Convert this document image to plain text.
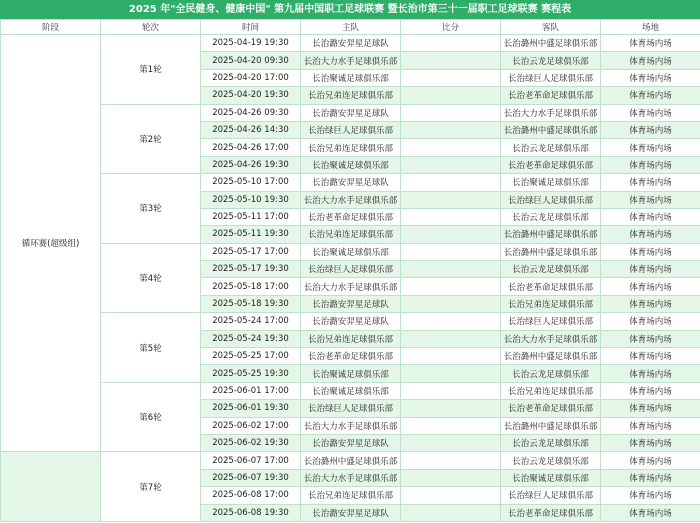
2025 年"全民健身、健康中国" 第九届中国职工足球联赛 暨长治市第三十一届职工足球联赛 赛程表
阶段	轮次	时间	主队	比分	客队	场地
循环赛(超级组)	第1轮	2025-04-19 19:30	长治潞安羿星足球队		长治潞州中盛足球俱乐部	体育场内场
		2025-04-20 09:30	长治大力水手足球俱乐部		长治云龙足球俱乐部	体育场内场
		2025-04-20 17:00	长治聚诚足球俱乐部		长治绿巨人足球俱乐部	体育场内场
		2025-04-20 19:30	长治兄弟连足球俱乐部		长治老革命足球俱乐部	体育场内场
	第2轮	2025-04-26 09:30	长治潞安羿星足球队		长治大力水手足球俱乐部	体育场内场
		2025-04-26 14:30	长治绿巨人足球俱乐部		长治潞州中盛足球俱乐部	体育场内场
		2025-04-26 17:00	长治兄弟连足球俱乐部		长治云龙足球俱乐部	体育场内场
		2025-04-26 19:30	长治聚诚足球俱乐部		长治老革命足球俱乐部	体育场内场
	第3轮	2025-05-10 17:00	长治潞安羿星足球队		长治聚诚足球俱乐部	体育场内场
		2025-05-10 19:30	长治大力水手足球俱乐部		长治绿巨人足球俱乐部	体育场内场
		2025-05-11 17:00	长治老革命足球俱乐部		长治云龙足球俱乐部	体育场内场
		2025-05-11 19:30	长治兄弟连足球俱乐部		长治潞州中盛足球俱乐部	体育场内场
	第4轮	2025-05-17 17:00	长治聚诚足球俱乐部		长治潞州中盛足球俱乐部	体育场内场
		2025-05-17 19:30	长治绿巨人足球俱乐部		长治云龙足球俱乐部	体育场内场
		2025-05-18 17:00	长治大力水手足球俱乐部		长治老革命足球俱乐部	体育场内场
		2025-05-18 19:30	长治潞安羿星足球队		长治兄弟连足球俱乐部	体育场内场
	第5轮	2025-05-24 17:00	长治潞安羿星足球队		长治绿巨人足球俱乐部	体育场内场
		2025-05-24 19:30	长治兄弟连足球俱乐部		长治大力水手足球俱乐部	体育场内场
		2025-05-25 17:00	长治老革命足球俱乐部		长治潞州中盛足球俱乐部	体育场内场
		2025-05-25 19:30	长治聚诚足球俱乐部		长治云龙足球俱乐部	体育场内场
	第6轮	2025-06-01 17:00	长治聚诚足球俱乐部		长治兄弟连足球俱乐部	体育场内场
		2025-06-01 19:30	长治绿巨人足球俱乐部		长治老革命足球俱乐部	体育场内场
		2025-06-02 17:00	长治大力水手足球俱乐部		长治潞州中盛足球俱乐部	体育场内场
		2025-06-02 19:30	长治潞安羿星足球队		长治云龙足球俱乐部	体育场内场
	第7轮	2025-06-07 17:00	长治潞州中盛足球俱乐部		长治云龙足球俱乐部	体育场内场
		2025-06-07 19:30	长治大力水手足球俱乐部		长治聚诚足球俱乐部	体育场内场
		2025-06-08 17:00	长治兄弟连足球俱乐部		长治绿巨人足球俱乐部	体育场内场
		2025-06-08 19:30	长治潞安羿星足球队		长治老革命足球俱乐部	体育场内场
